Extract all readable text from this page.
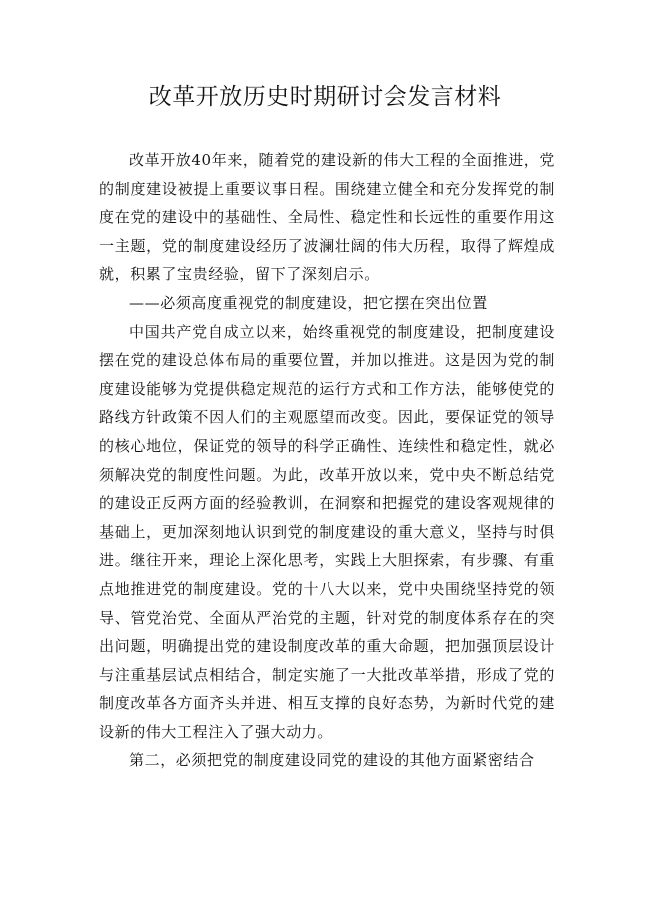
改革开放历史时期研讨会发言材料

改革开放40年来，随着党的建设新的伟大工程的全面推进，党的制度建设被提上重要议事日程。围绕建立健全和充分发挥党的制度在党的建设中的基础性、全局性、稳定性和长远性的重要作用这一主题，党的制度建设经历了波澜壮阔的伟大历程，取得了辉煌成就，积累了宝贵经验，留下了深刻启示。

——必须高度重视党的制度建设，把它摆在突出位置

中国共产党自成立以来，始终重视党的制度建设，把制度建设摆在党的建设总体布局的重要位置，并加以推进。这是因为党的制度建设能够为党提供稳定规范的运行方式和工作方法，能够使党的路线方针政策不因人们的主观愿望而改变。因此，要保证党的领导的核心地位，保证党的领导的科学正确性、连续性和稳定性，就必须解决党的制度性问题。为此，改革开放以来，党中央不断总结党的建设正反两方面的经验教训，在洞察和把握党的建设客观规律的基础上，更加深刻地认识到党的制度建设的重大意义，坚持与时俱进。继往开来，理论上深化思考，实践上大胆探索，有步骤、有重点地推进党的制度建设。党的十八大以来，党中央围绕坚持党的领导、管党治党、全面从严治党的主题，针对党的制度体系存在的突出问题，明确提出党的建设制度改革的重大命题，把加强顶层设计与注重基层试点相结合，制定实施了一大批改革举措，形成了党的制度改革各方面齐头并进、相互支撑的良好态势，为新时代党的建设新的伟大工程注入了强大动力。

第二，必须把党的制度建设同党的建设的其他方面紧密结合
